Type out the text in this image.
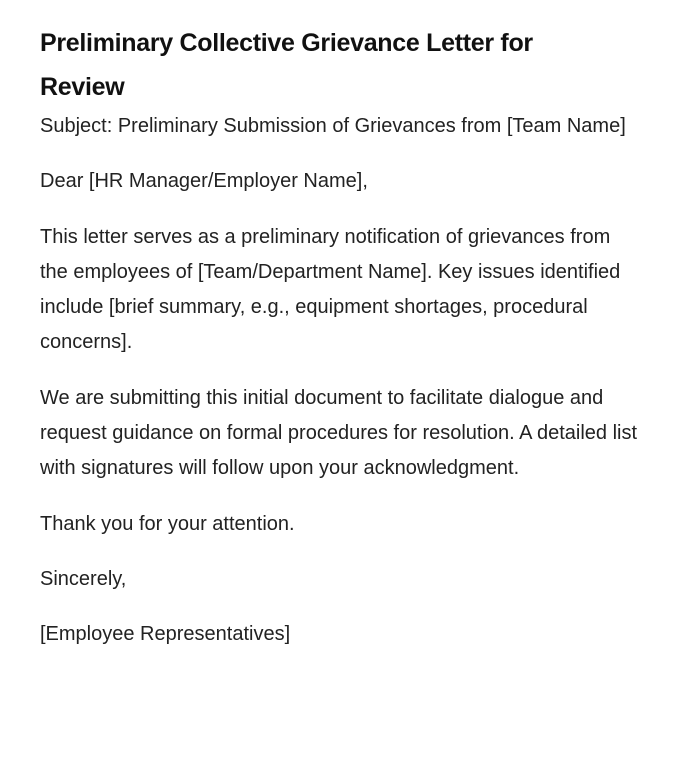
Preliminary Collective Grievance Letter for Review

Subject: Preliminary Submission of Grievances from [Team Name]

Dear [HR Manager/Employer Name],

This letter serves as a preliminary notification of grievances from the employees of [Team/Department Name]. Key issues identified include [brief summary, e.g., equipment shortages, procedural concerns].

We are submitting this initial document to facilitate dialogue and request guidance on formal procedures for resolution. A detailed list with signatures will follow upon your acknowledgment.

Thank you for your attention.

Sincerely,

[Employee Representatives]
